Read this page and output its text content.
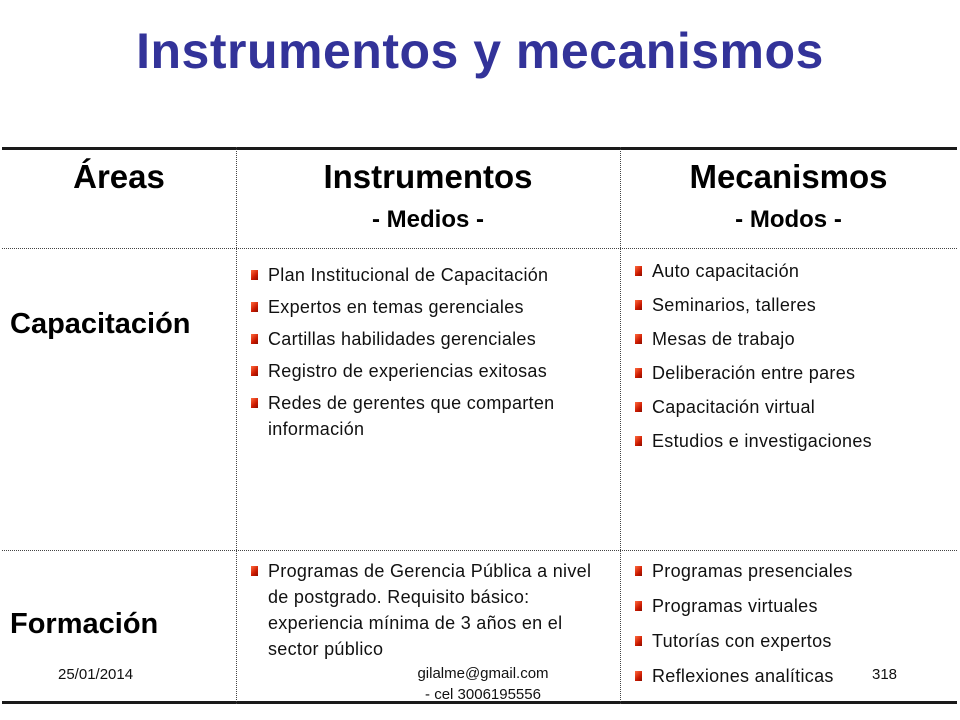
Instrumentos y mecanismos
Áreas	Instrumentos
- Medios -
Mecanismos
- Modos -
Capacitación
Plan Institucional de Capacitación
Expertos en temas gerenciales
Cartillas habilidades gerenciales
Registro de experiencias exitosas
Redes de gerentes que comparten información
Auto capacitación
Seminarios, talleres
Mesas de trabajo
Deliberación entre pares
Capacitación virtual
Estudios e investigaciones
Formación
Programas de Gerencia Pública a nivel de postgrado. Requisito básico: experiencia mínima de 3 años en el sector público
Programas presenciales
Programas virtuales
Tutorías con expertos
Reflexiones analíticas
25/01/2014	gilalme@gmail.com
- cel 3006195556
318
